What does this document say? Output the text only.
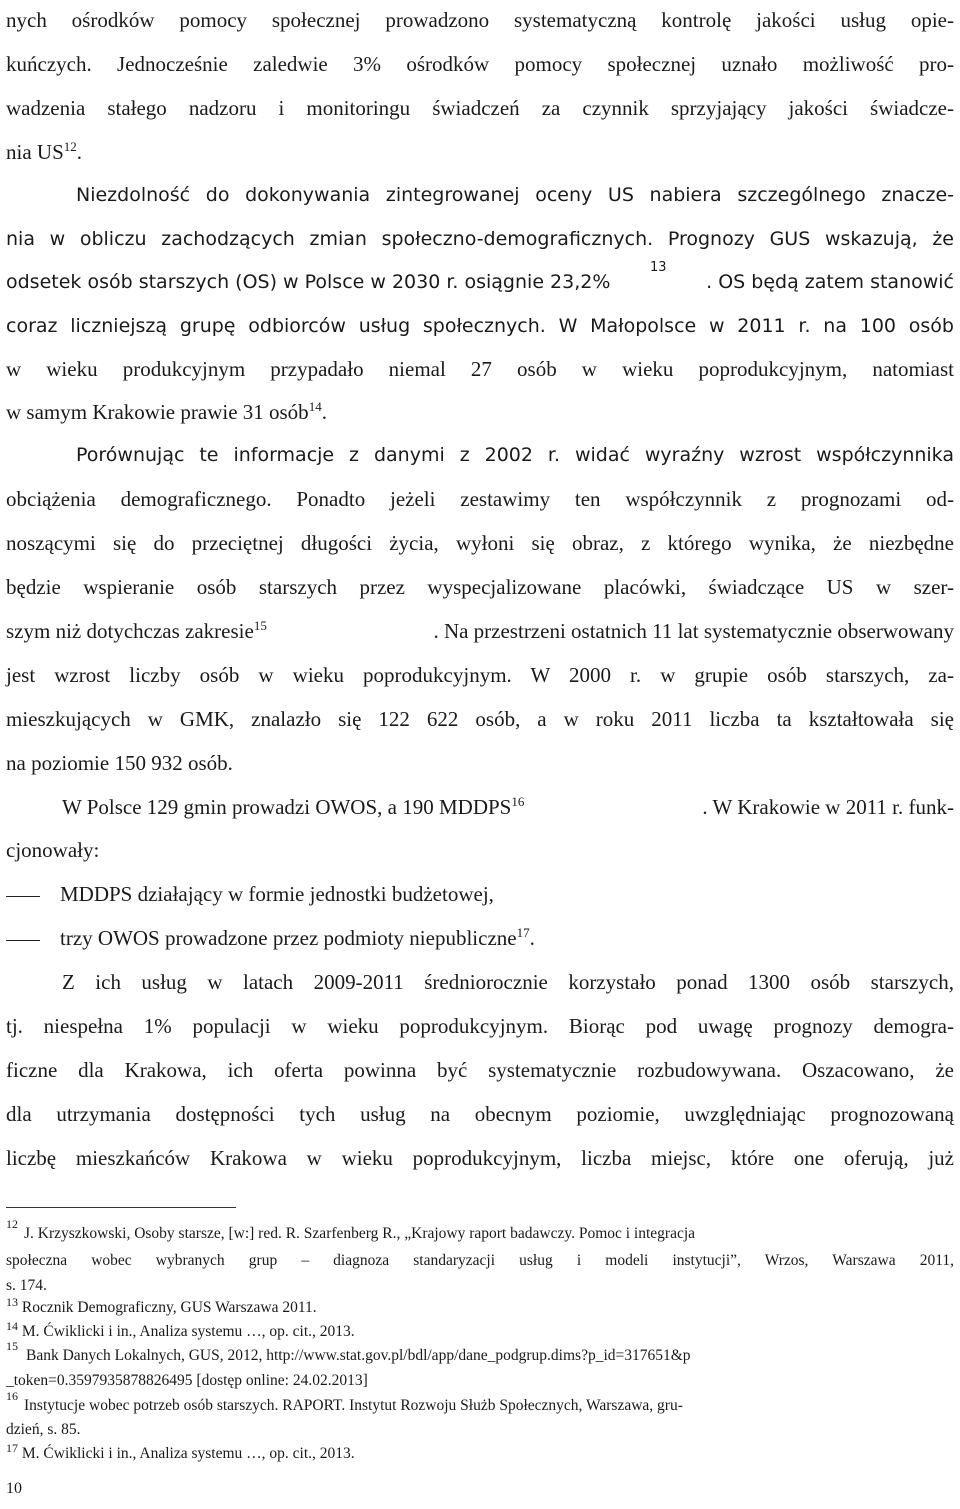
nych ośrodków pomocy społecznej prowadzono systematyczną kontrolę jakości usług opie-
kuńczych. Jednocześnie zaledwie 3% ośrodków pomocy społecznej uznało możliwość pro-
wadzenia stałego nadzoru i monitoringu świadczeń za czynnik sprzyjający jakości świadcze-
nia US$^{12}$.
Niezdolność do dokonywania zintegrowanej oceny US nabiera szczególnego znacze-
nia w obliczu zachodzących zmian społeczno-demograficznych. Prognozy GUS wskazują, że
odsetek osób starszych (OS) w Polsce w 2030 r. osiągnie 23,2%
13
. OS będą zatem stanowić
coraz liczniejszą grupę odbiorców usług społecznych. W Małopolsce w 2011 r. na 100 osób
w wieku produkcyjnym przypadało niemal 27 osób w wieku poprodukcyjnym, natomiast
w samym Krakowie prawie 31 osób$^{14}$.
Porównując te informacje z danymi z 2002 r. widać wyraźny wzrost współczynnika
obciążenia demograficznego. Ponadto jeżeli zestawimy ten współczynnik z prognozami od-
noszącymi się do przeciętnej długości życia, wyłoni się obraz, z którego wynika, że niezbędne
będzie wspieranie osób starszych przez wyspecjalizowane placówki, świadczące US w szer-
szym niż dotychczas zakresie$^{15}$	. Na przestrzeni ostatnich 11 lat systematycznie obserwowany
jest wzrost liczby osób w wieku poprodukcyjnym. W 2000 r. w grupie osób starszych, za-
mieszkujących w GMK, znalazło się 122 622 osób, a w roku 2011 liczba ta kształtowała się
na poziomie 150 932 osób.
W Polsce 129 gmin prowadzi OWOS, a 190 MDDPS$^{16}$	. W Krakowie w 2011 r. funk-
cjonowały:
MDDPS działający w formie jednostki budżetowej,
trzy OWOS prowadzone przez podmioty niepubliczne$^{17}$.
Z ich usług w latach 2009-2011 średniorocznie korzystało ponad 1300 osób starszych,
tj. niespełna 1% populacji w wieku poprodukcyjnym. Biorąc pod uwagę prognozy demogra-
ficzne dla Krakowa, ich oferta powinna być systematycznie rozbudowywana. Oszacowano, że
dla utrzymania dostępności tych usług na obecnym poziomie, uwzględniając prognozowaną
liczbę mieszkańców Krakowa w wieku poprodukcyjnym, liczba miejsc, które one oferują, już
12
J. Krzyszkowski, Osoby starsze, [w:] red. R. Szarfenberg R., „Krajowy raport badawczy. Pomoc i integracja
społeczna wobec wybranych grup – diagnoza standaryzacji usług i modeli instytucji”, Wrzos, Warszawa 2011,
s. 174.
$^{13}$ Rocznik Demograficzny, GUS Warszawa 2011.
$^{14}$ M. Ćwiklicki i in., Analiza systemu …, op. cit., 2013.
15
Bank Danych Lokalnych, GUS, 2012, http://www.stat.gov.pl/bdl/app/dane_podgrup.dims?p_id=317651&p
_token=0.3597935878826495 [dostęp online: 24.02.2013]
16
Instytucje wobec potrzeb osób starszych. RAPORT. Instytut Rozwoju Służb Społecznych, Warszawa, gru-
dzień, s. 85.
$^{17}$ M. Ćwiklicki i in., Analiza systemu …, op. cit., 2013.
10
